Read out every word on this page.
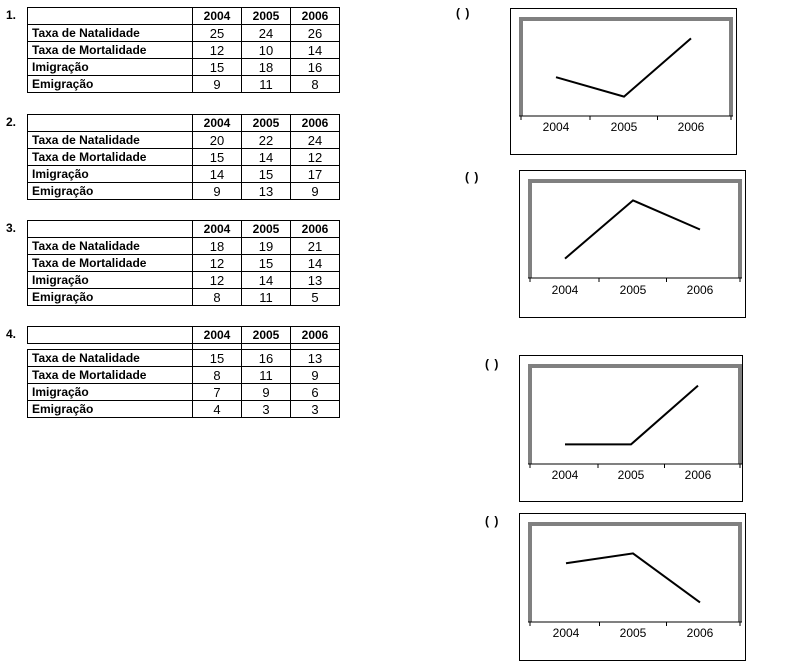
1.
		2004	2005	2006
Taxa de Natalidade	25	24	26
Taxa de Mortalidade	12	10	14
Imigração	15	18	16
Emigração	9	11	8
2.
		2004	2005	2006
Taxa de Natalidade	20	22	24
Taxa de Mortalidade	15	14	12
Imigração	14	15	17
Emigração	9	13	9
3.
		2004	2005	2006
Taxa de Natalidade	18	19	21
Taxa de Mortalidade	12	15	14
Imigração	12	14	13
Emigração	8	11	5
4.
		2004	2005	2006

Taxa de Natalidade	15	16	13
Taxa de Mortalidade	8	11	9
Imigração	7	9	6
Emigração	4	3	3
( )
2004	2005	2006
( )
2004	2005	2006
( )
2004	2005	2006
( )
2004	2005	2006
